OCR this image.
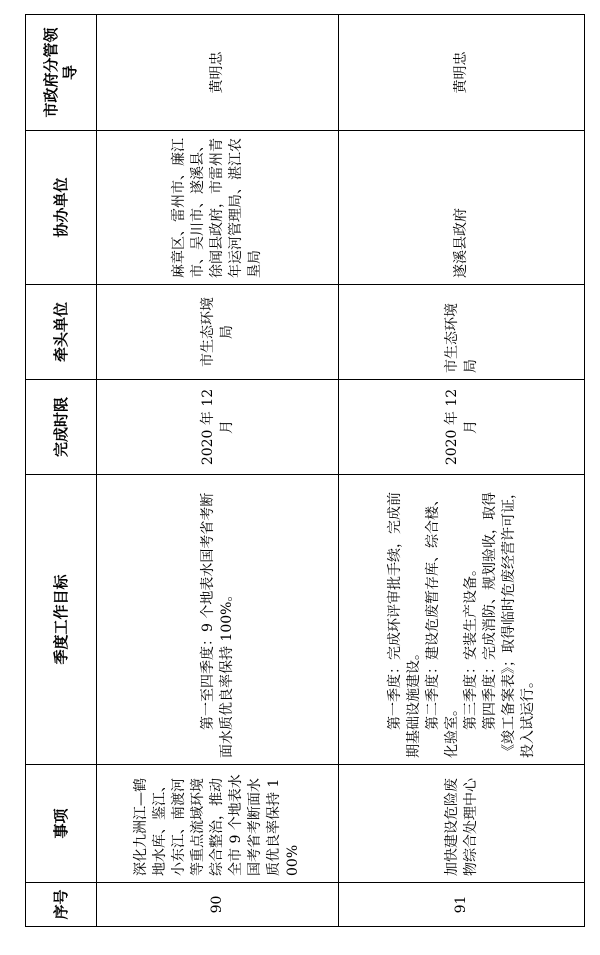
序号	事项	季度工作目标	完成时限	牵头单位	协办单位	市政府分管领导
90	深化九洲江—鹤地水库、鉴江、小东江、南渡河等重点流域环境综合整治，推动全市 9 个地表水国考省考断面水质优良率保持 100%	第一至四季度：9 个地表水国考省考断面水质优良率保持 100%。	2020 年 12 月	市生态环境局	麻章区、雷州市、廉江市、吴川市、遂溪县、徐闻县政府，市雷州青年运河管理局、湛江农垦局	黄明忠
91	加快建设危险废物综合处理中心	第一季度：完成环评审批手续，完成前期基础设施建设。 第二季度：建设危废暂存库、综合楼、化验室。 第三季度：安装生产设备。 第四季度：完成消防、规划验收，取得《竣工备案表》；取得临时危废经营许可证，投入试运行。	2020 年 12 月	市生态环境局	遂溪县政府	黄明忠
